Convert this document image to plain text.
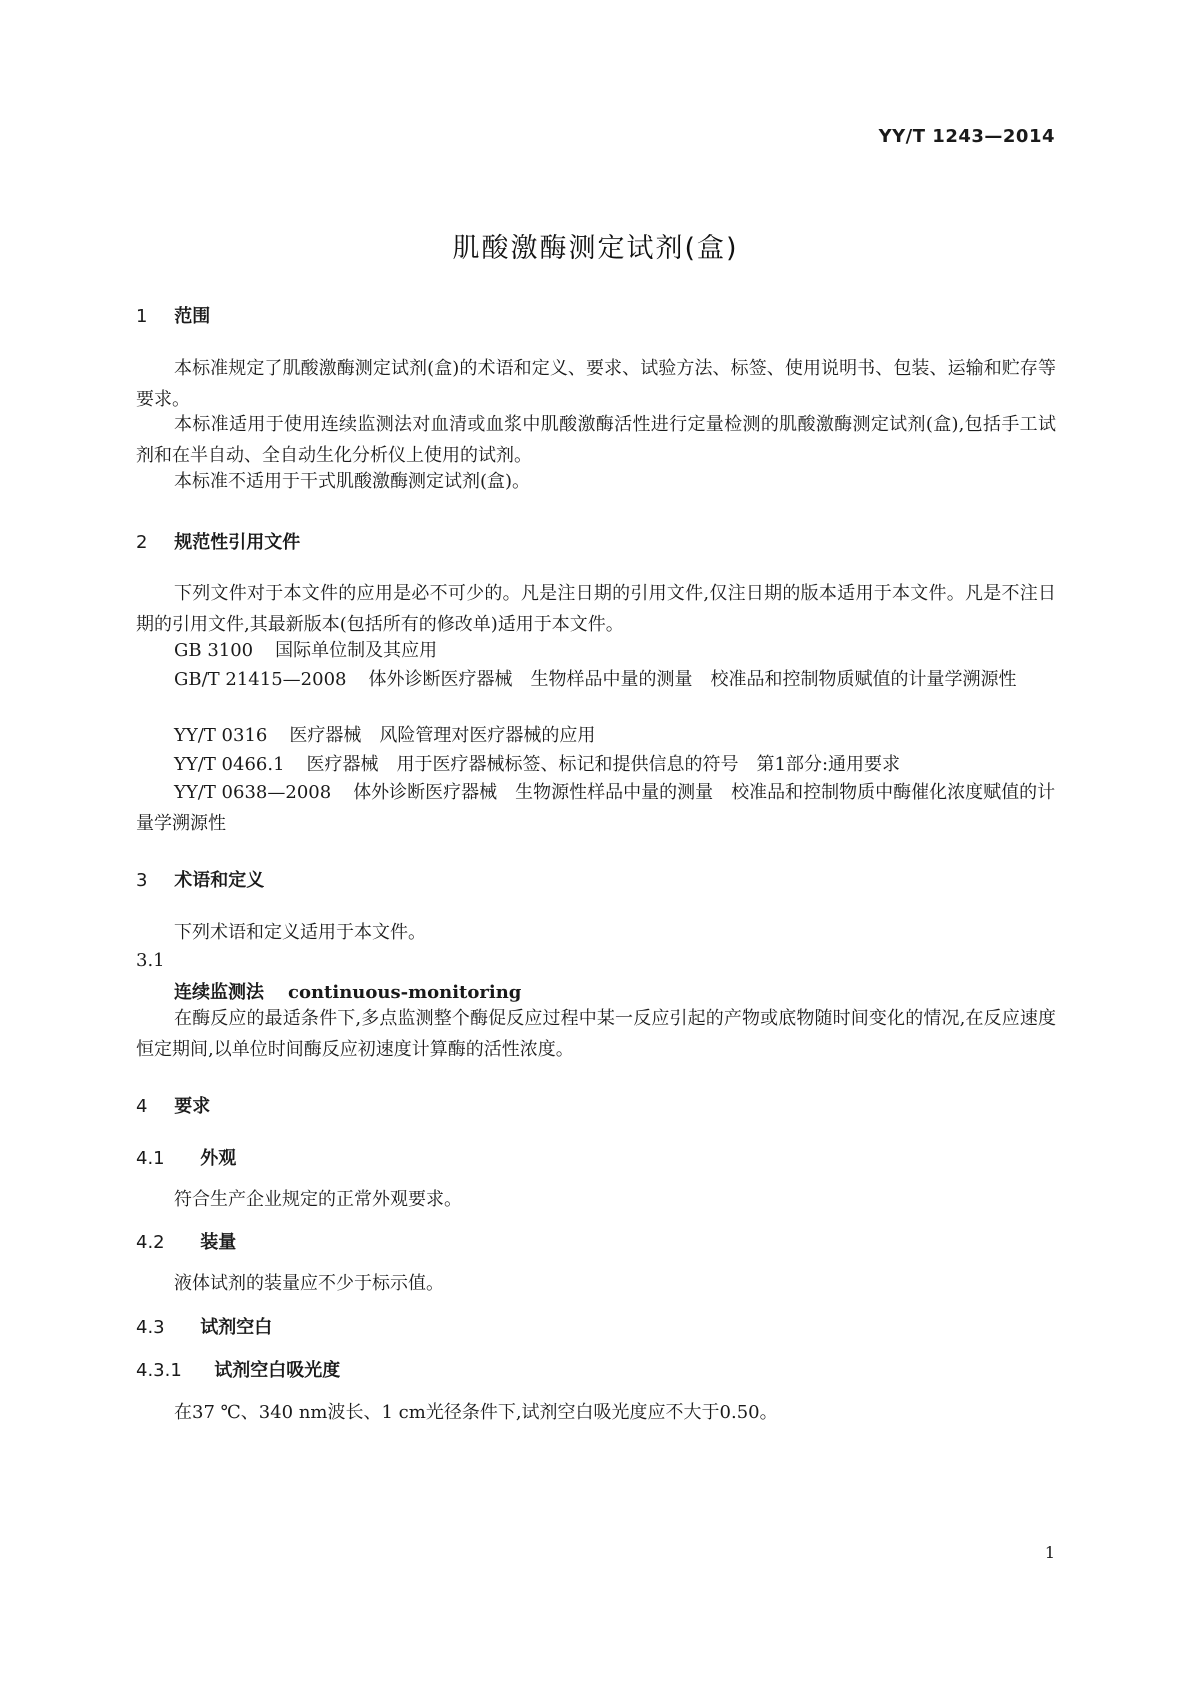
YY/T 1243—2014
肌酸激酶测定试剂(盒)
1 范围
本标准规定了肌酸激酶测定试剂(盒)的术语和定义、要求、试验方法、标签、使用说明书、包装、运输和贮存等要求。
本标准适用于使用连续监测法对血清或血浆中肌酸激酶活性进行定量检测的肌酸激酶测定试剂(盒),包括手工试剂和在半自动、全自动生化分析仪上使用的试剂。
本标准不适用于干式肌酸激酶测定试剂(盒)。
2 规范性引用文件
下列文件对于本文件的应用是必不可少的。凡是注日期的引用文件,仅注日期的版本适用于本文件。凡是不注日期的引用文件,其最新版本(包括所有的修改单)适用于本文件。
GB 3100 国际单位制及其应用
GB/T 21415—2008 体外诊断医疗器械　生物样品中量的测量　校准品和控制物质赋值的计量学溯源性
YY/T 0316 医疗器械　风险管理对医疗器械的应用
YY/T 0466.1 医疗器械　用于医疗器械标签、标记和提供信息的符号　第1部分:通用要求
YY/T 0638—2008 体外诊断医疗器械　生物源性样品中量的测量　校准品和控制物质中酶催化浓度赋值的计量学溯源性
3 术语和定义
下列术语和定义适用于本文件。
3.1
连续监测法 continuous-monitoring
在酶反应的最适条件下,多点监测整个酶促反应过程中某一反应引起的产物或底物随时间变化的情况,在反应速度恒定期间,以单位时间酶反应初速度计算酶的活性浓度。
4 要求
4.1 外观
符合生产企业规定的正常外观要求。
4.2 装量
液体试剂的装量应不少于标示值。
4.3 试剂空白
4.3.1 试剂空白吸光度
在37 ℃、340 nm波长、1 cm光径条件下,试剂空白吸光度应不大于0.50。
1
